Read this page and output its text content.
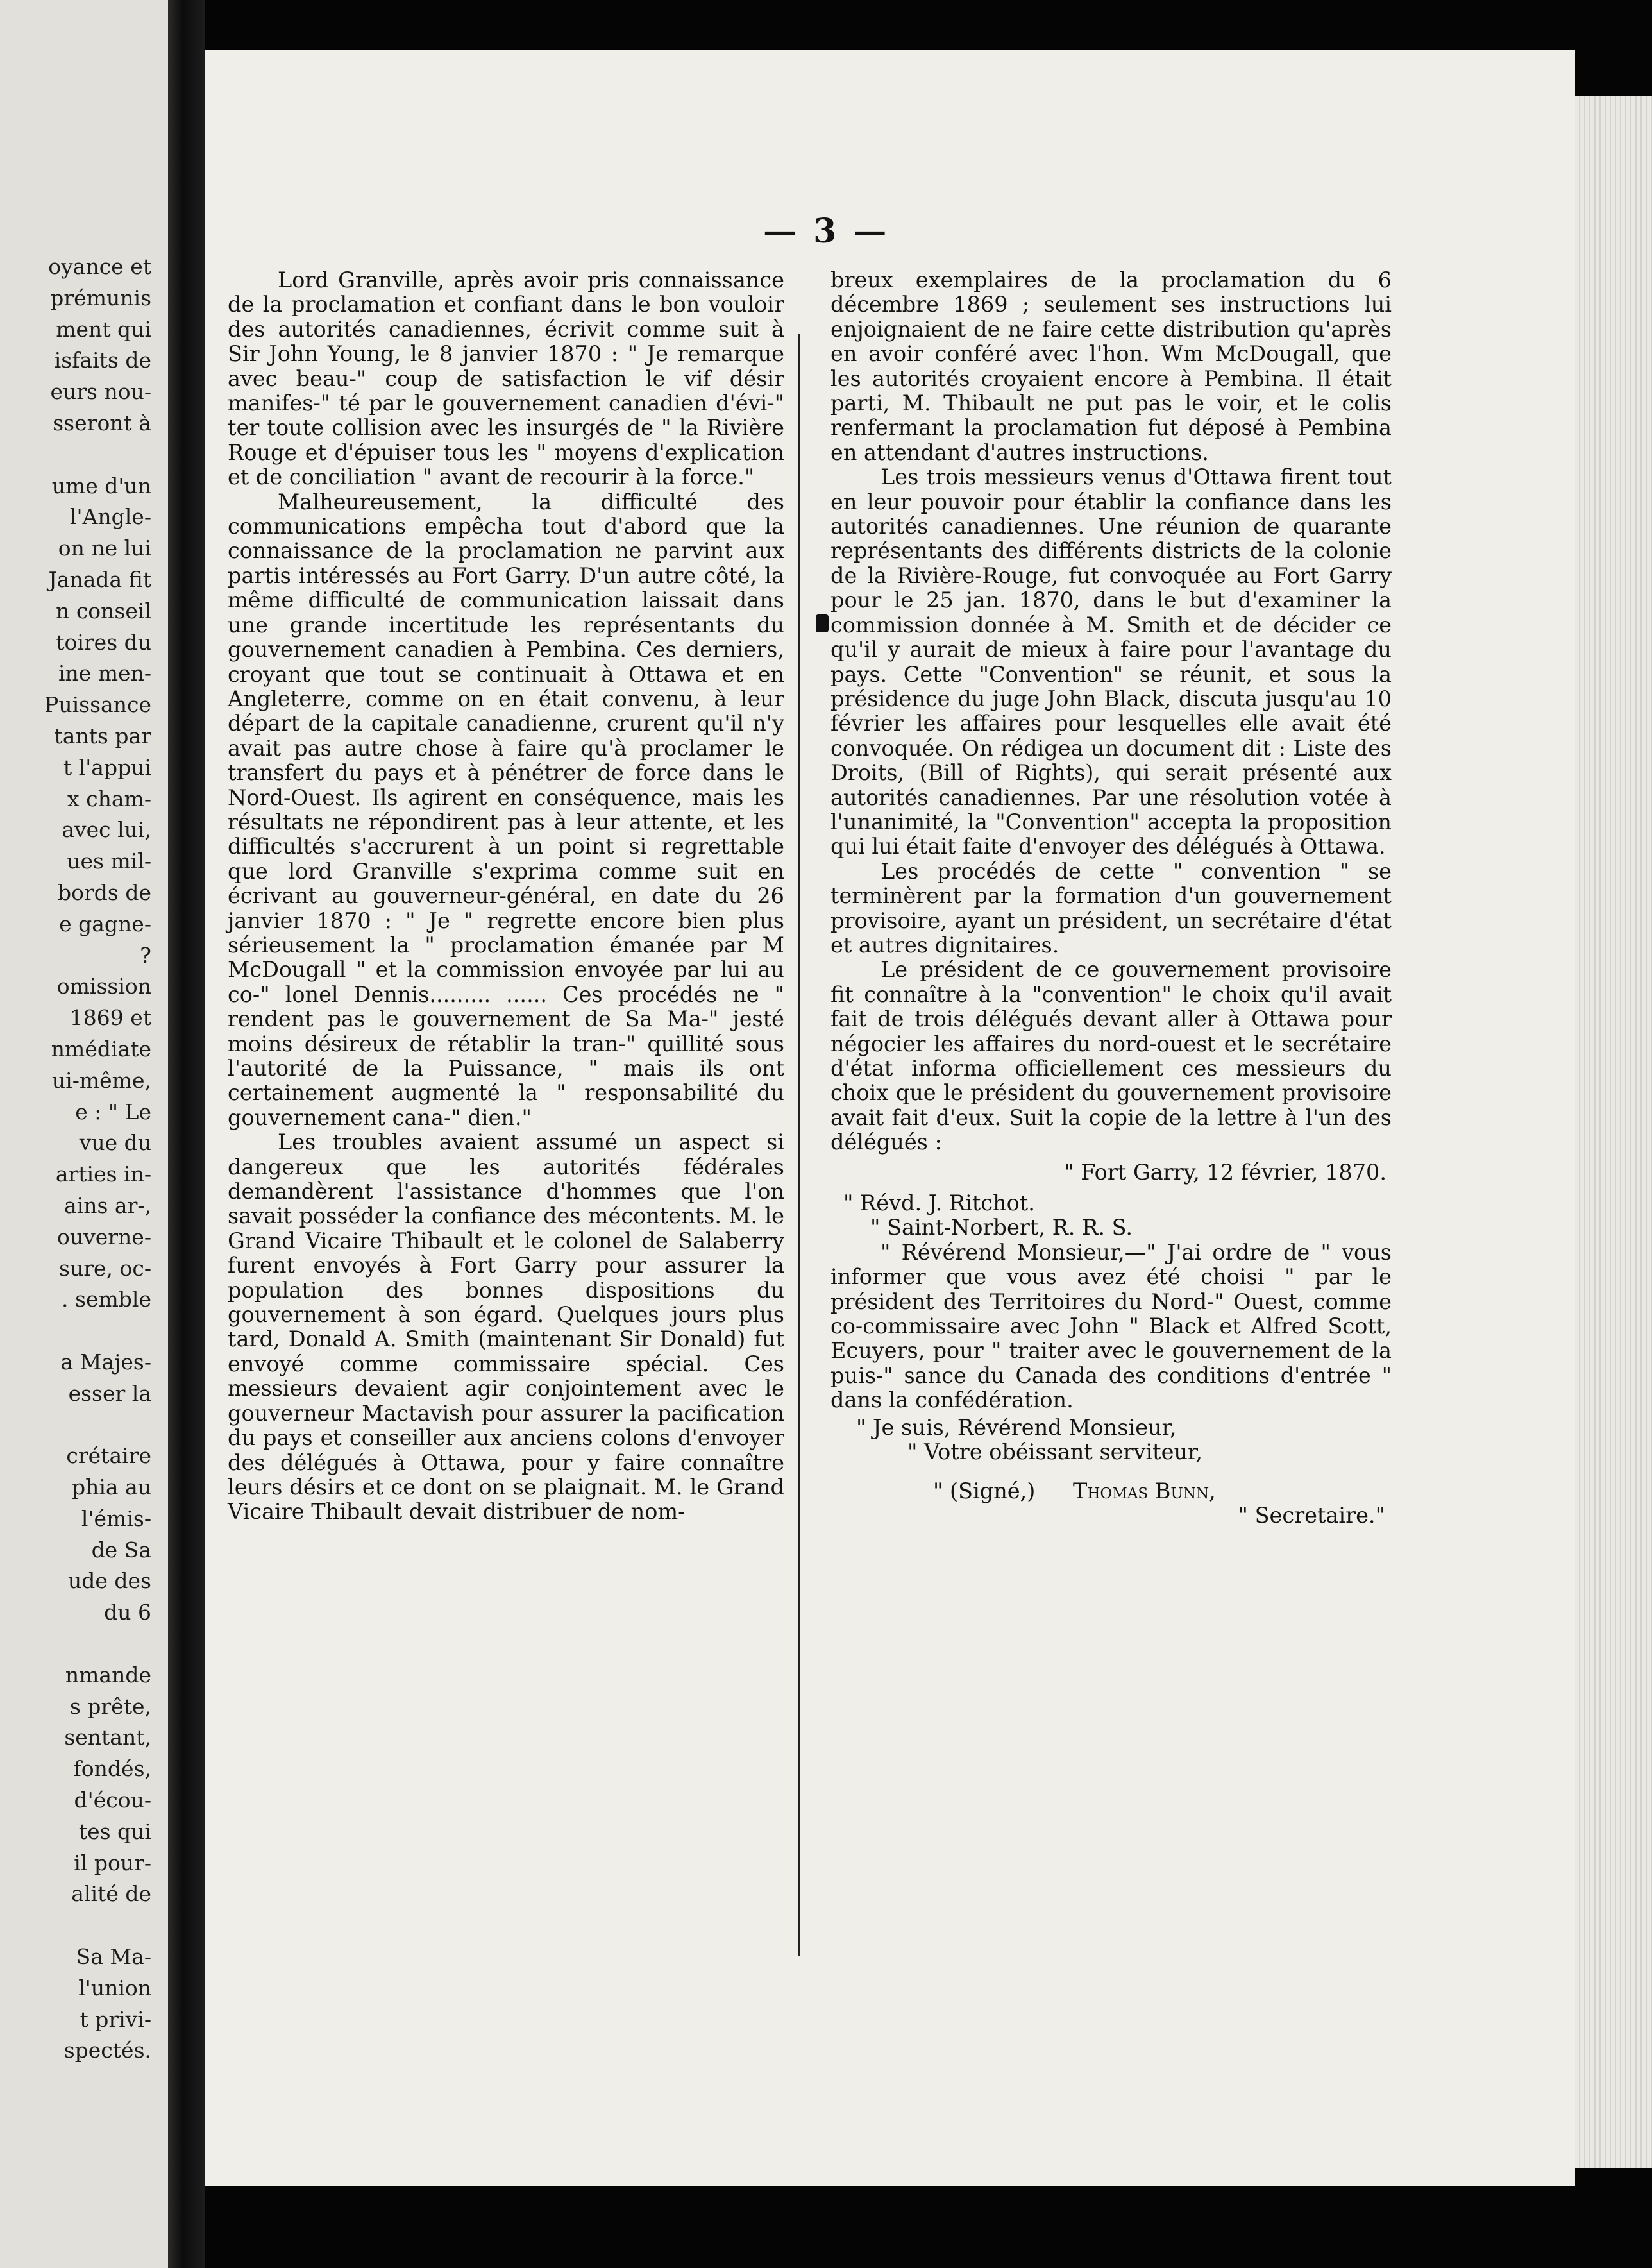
oyance et
prémunis
ment qui
isfaits de
eurs nou-
sseront à

ume d'un
l'Angle-
on ne lui
Janada fit
n conseil
toires du
ine men-
Puissance
tants par
t l'appui
x cham-
avec lui,
ues mil-
bords de
e gagne-
?
omission
1869 et
nmédiate
ui-même,
e : " Le
vue du
arties in-
ains ar-,
ouverne-
sure, oc-
. semble

a Majes-
esser la

crétaire
phia au
l'émis-
de Sa
ude des
du 6

nmande
s prête,
sentant,
fondés,
d'écou-
tes qui
il pour-
alité de

Sa Ma-
l'union
t privi-
spectés.
— 3 —

Lord Granville, après avoir pris connaissance de la proclamation et confiant dans le bon vouloir des autorités canadiennes, écrivit comme suit à Sir John Young, le 8 janvier 1870 : " Je remarque avec beau-" coup de satisfaction le vif désir manifes-" té par le gouvernement canadien d'évi-" ter toute collision avec les insurgés de " la Rivière Rouge et d'épuiser tous les " moyens d'explication et de conciliation " avant de recourir à la force."

Malheureusement, la difficulté des communications empêcha tout d'abord que la connaissance de la proclamation ne parvint aux partis intéressés au Fort Garry. D'un autre côté, la même difficulté de communication laissait dans une grande incertitude les représentants du gouvernement canadien à Pembina. Ces derniers, croyant que tout se continuait à Ottawa et en Angleterre, comme on en était convenu, à leur départ de la capitale canadienne, crurent qu'il n'y avait pas autre chose à faire qu'à proclamer le transfert du pays et à pénétrer de force dans le Nord-Ouest. Ils agirent en conséquence, mais les résultats ne répondirent pas à leur attente, et les difficultés s'accrurent à un point si regrettable que lord Granville s'exprima comme suit en écrivant au gouverneur-général, en date du 26 janvier 1870 : " Je " regrette encore bien plus sérieusement la " proclamation émanée par M McDougall " et la commission envoyée par lui au co-" lonel Dennis......... ...... Ces procédés ne " rendent pas le gouvernement de Sa Ma-" jesté moins désireux de rétablir la tran-" quillité sous l'autorité de la Puissance, " mais ils ont certainement augmenté la " responsabilité du gouvernement cana-" dien."

Les troubles avaient assumé un aspect si dangereux que les autorités fédérales demandèrent l'assistance d'hommes que l'on savait posséder la confiance des mécontents. M. le Grand Vicaire Thibault et le colonel de Salaberry furent envoyés à Fort Garry pour assurer la population des bonnes dispositions du gouvernement à son égard. Quelques jours plus tard, Donald A. Smith (maintenant Sir Donald) fut envoyé comme commissaire spécial. Ces messieurs devaient agir conjointement avec le gouverneur Mactavish pour assurer la pacification du pays et conseiller aux anciens colons d'envoyer des délégués à Ottawa, pour y faire connaître leurs désirs et ce dont on se plaignait. M. le Grand Vicaire Thibault devait distribuer de nom-

breux exemplaires de la proclamation du 6 décembre 1869 ; seulement ses instructions lui enjoignaient de ne faire cette distribution qu'après en avoir conféré avec l'hon. Wm McDougall, que les autorités croyaient encore à Pembina. Il était parti, M. Thibault ne put pas le voir, et le colis renfermant la proclamation fut déposé à Pembina en attendant d'autres instructions.

Les trois messieurs venus d'Ottawa firent tout en leur pouvoir pour établir la confiance dans les autorités canadiennes. Une réunion de quarante représentants des différents districts de la colonie de la Rivière-Rouge, fut convoquée au Fort Garry pour le 25 jan. 1870, dans le but d'examiner la commission donnée à M. Smith et de décider ce qu'il y aurait de mieux à faire pour l'avantage du pays. Cette "Convention" se réunit, et sous la présidence du juge John Black, discuta jusqu'au 10 février les affaires pour lesquelles elle avait été convoquée. On rédigea un document dit : Liste des Droits, (Bill of Rights), qui serait présenté aux autorités canadiennes. Par une résolution votée à l'unanimité, la "Convention" accepta la proposition qui lui était faite d'envoyer des délégués à Ottawa.

Les procédés de cette " convention " se terminèrent par la formation d'un gouvernement provisoire, ayant un président, un secrétaire d'état et autres dignitaires.

Le président de ce gouvernement provisoire fit connaître à la "convention" le choix qu'il avait fait de trois délégués devant aller à Ottawa pour négocier les affaires du nord-ouest et le secrétaire d'état informa officiellement ces messieurs du choix que le président du gouvernement provisoire avait fait d'eux. Suit la copie de la lettre à l'un des délégués :

" Fort Garry, 12 février, 1870.

" Révd. J. Ritchot.

" Saint-Norbert, R. R. S.

" Révérend Monsieur,—" J'ai ordre de " vous informer que vous avez été choisi " par le président des Territoires du Nord-" Ouest, comme co-commissaire avec John " Black et Alfred Scott, Ecuyers, pour " traiter avec le gouvernement de la puis-" sance du Canada des conditions d'entrée " dans la confédération.

" Je suis, Révérend Monsieur,

" Votre obéissant serviteur,

" (Signé,) Thomas Bunn,

" Secretaire."
